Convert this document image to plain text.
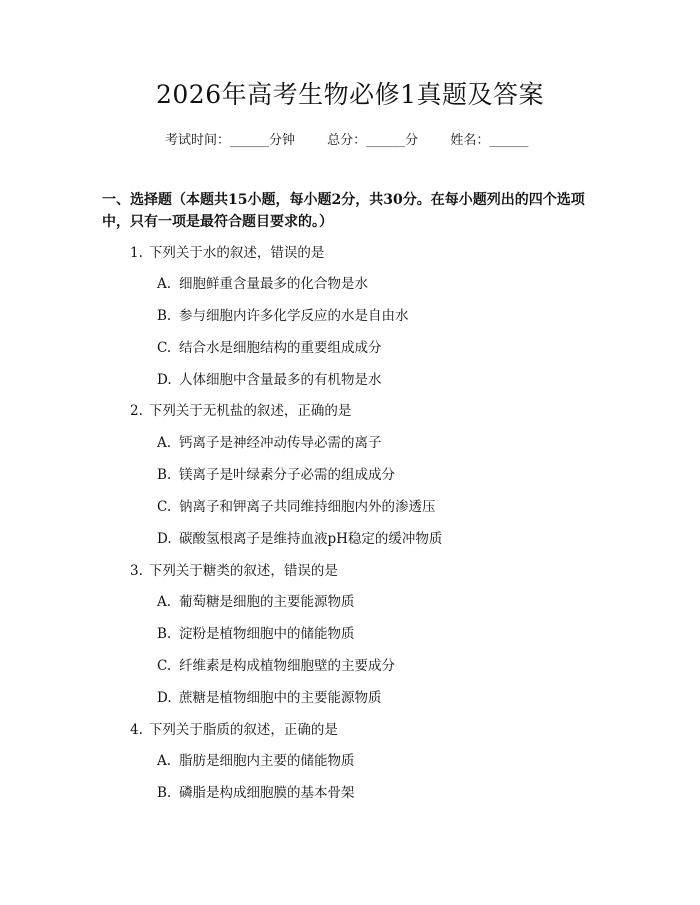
2026年高考生物必修1真题及答案
考试时间：______分钟 总分：______分 姓名：______

一、选择题（本题共15小题，每小题2分，共30分。在每小题列出的四个选项中，只有一项是最符合题目要求的。）

1. 下列关于水的叙述，错误的是
A. 细胞鲜重含量最多的化合物是水
B. 参与细胞内许多化学反应的水是自由水
C. 结合水是细胞结构的重要组成成分
D. 人体细胞中含量最多的有机物是水
2. 下列关于无机盐的叙述，正确的是
A. 钙离子是神经冲动传导必需的离子
B. 镁离子是叶绿素分子必需的组成成分
C. 钠离子和钾离子共同维持细胞内外的渗透压
D. 碳酸氢根离子是维持血液pH稳定的缓冲物质
3. 下列关于糖类的叙述，错误的是
A. 葡萄糖是细胞的主要能源物质
B. 淀粉是植物细胞中的储能物质
C. 纤维素是构成植物细胞壁的主要成分
D. 蔗糖是植物细胞中的主要能源物质
4. 下列关于脂质的叙述，正确的是
A. 脂肪是细胞内主要的储能物质
B. 磷脂是构成细胞膜的基本骨架
